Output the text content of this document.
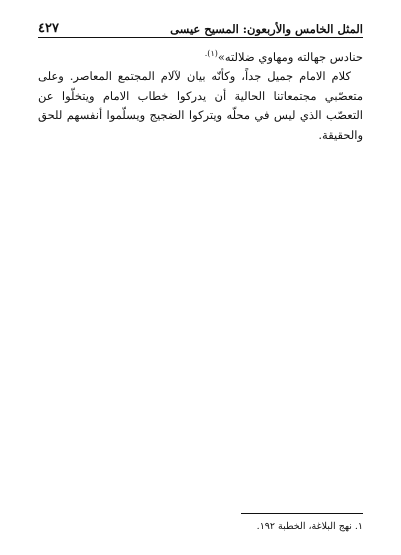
٤٢٧	المثل الخامس والأربعون: المسيح عيسى

حنادس جهالته ومهاوي ضلالته»$^{(١).}$

كلام الامام جميل جداً، وكأنّه بيان لآلام المجتمع المعاصر. وعلى متعصّبي مجتمعاتنا الحالية أن يدركوا خطاب الامام ويتخلّوا عن التعصّب الذي ليس في محلّه ويتركوا الضجيج ويسلّموا أنفسهم للحق والحقيقة.

١. نهج البلاغة، الخطبة ١٩٢.
